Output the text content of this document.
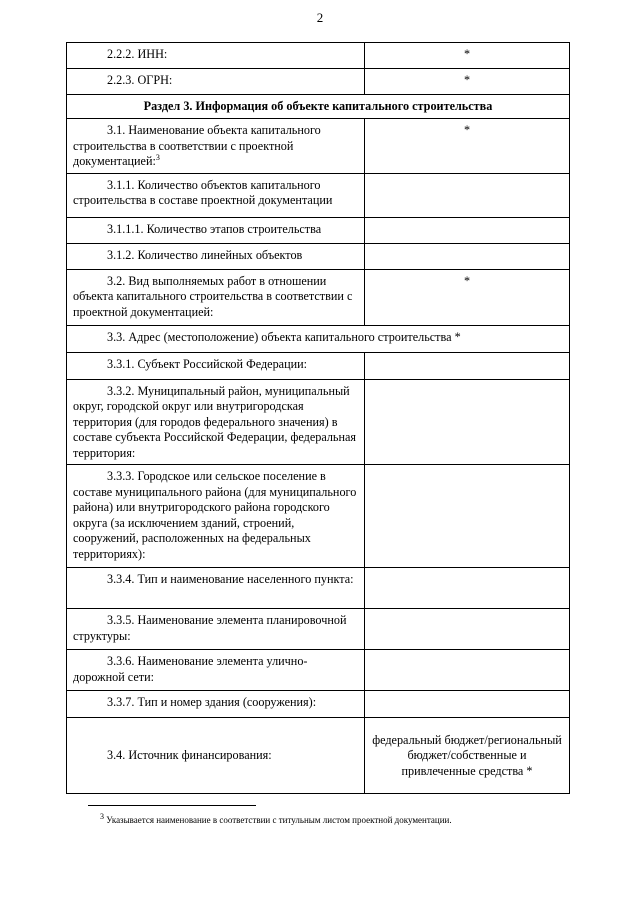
2
2.2.2. ИНН:	*
2.2.3. ОГРН:	*
Раздел 3. Информация об объекте капитального строительства	
3.1. Наименование объекта капитального строительства в соответствии с проектной документацией:$^3$	*
3.1.1. Количество объектов капитального строительства в составе проектной документации	
3.1.1.1. Количество этапов строительства	
3.1.2. Количество линейных объектов	
3.2. Вид выполняемых работ в отношении объекта капитального строительства в соответствии с проектной документацией:	*
3.3. Адрес (местоположение) объекта капитального строительства *	
3.3.1. Субъект Российской Федерации:	
3.3.2. Муниципальный район, муниципальный округ, городской округ или внутригородская территория (для городов федерального значения) в составе субъекта Российской Федерации, федеральная территория:	
3.3.3. Городское или сельское поселение в составе муниципального района (для муниципального района) или внутригородского района городского округа (за исключением зданий, строений, сооружений, расположенных на федеральных территориях):	
3.3.4. Тип и наименование населенного пункта:	
3.3.5. Наименование элемента планировочной структуры:	
3.3.6. Наименование элемента улично-дорожной сети:	
3.3.7. Тип и номер здания (сооружения):	
3.4. Источник финансирования:	федеральный бюджет/региональный бюджет/собственные и привлеченные средства *
$^3$ Указывается наименование в соответствии с титульным листом проектной документации.
